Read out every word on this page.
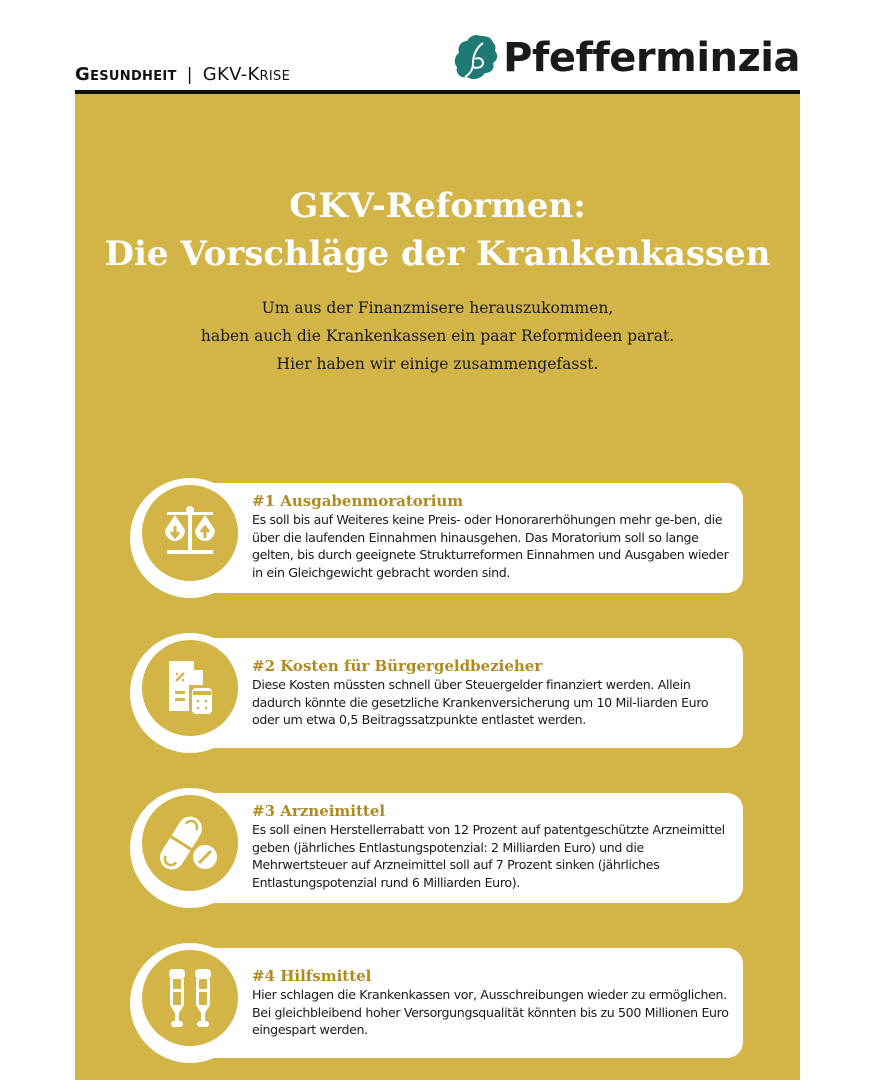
Gesundheit | GKV-Krise	Pfefferminzia
GKV-Reformen:
Die Vorschläge der Krankenkassen
Um aus der Finanzmisere herauszukommen,
haben auch die Krankenkassen ein paar Reformideen parat.
Hier haben wir einige zusammengefasst.
#1 Ausgabenmoratorium
Es soll bis auf Weiteres keine Preis- oder Honorarerhöhungen mehr ge-ben, die über die laufenden Einnahmen hinausgehen. Das Moratorium soll so lange gelten, bis durch geeignete Strukturreformen Einnahmen und Ausgaben wieder in ein Gleichgewicht gebracht worden sind.
#2 Kosten für Bürgergeldbezieher
Diese Kosten müssten schnell über Steuergelder finanziert werden. Allein dadurch könnte die gesetzliche Krankenversicherung um 10 Mil-liarden Euro oder um etwa 0,5 Beitragssatzpunkte entlastet werden.
#3 Arzneimittel
Es soll einen Herstellerrabatt von 12 Prozent auf patentgeschützte Arzneimittel geben (jährliches Entlastungspotenzial: 2 Milliarden Euro) und die Mehrwertsteuer auf Arzneimittel soll auf 7 Prozent sinken (jährliches Entlastungspotenzial rund 6 Milliarden Euro).
#4 Hilfsmittel
Hier schlagen die Krankenkassen vor, Ausschreibungen wieder zu ermöglichen. Bei gleichbleibend hoher Versorgungsqualität könnten bis zu 500 Millionen Euro eingespart werden.
